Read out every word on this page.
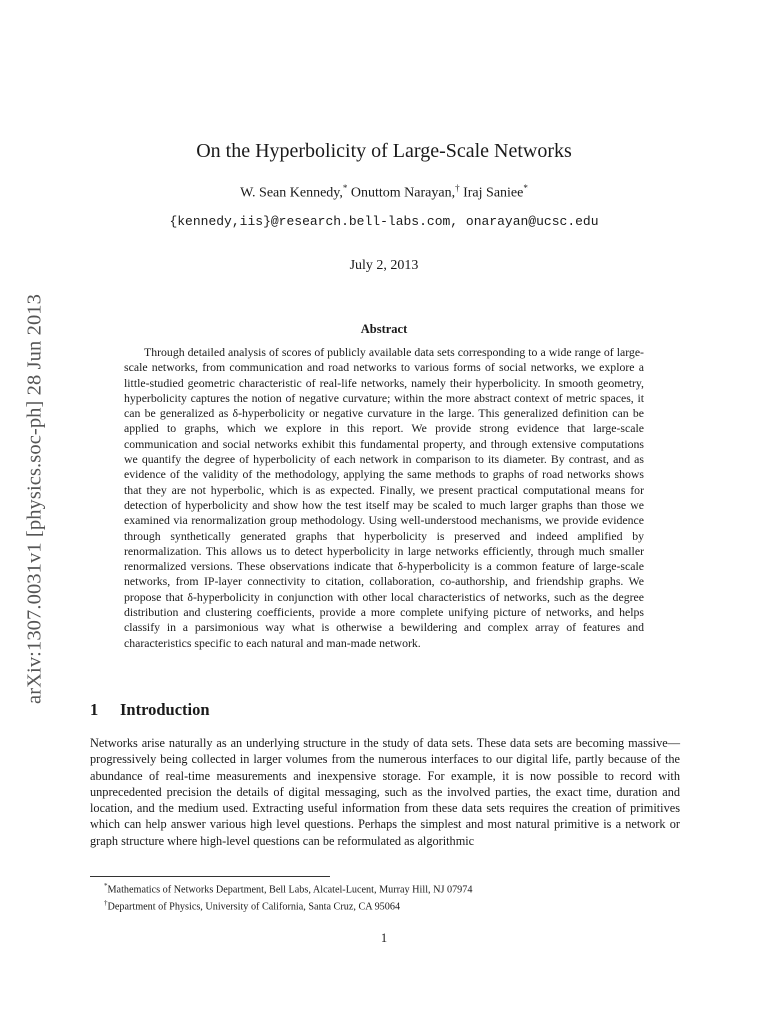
arXiv:1307.0031v1 [physics.soc-ph] 28 Jun 2013
On the Hyperbolicity of Large-Scale Networks
W. Sean Kennedy,* Onuttom Narayan,† Iraj Saniee*
{kennedy,iis}@research.bell-labs.com, onarayan@ucsc.edu
July 2, 2013
Abstract

Through detailed analysis of scores of publicly available data sets corresponding to a wide range of large-scale networks, from communication and road networks to various forms of social networks, we explore a little-studied geometric characteristic of real-life networks, namely their hyperbolicity. In smooth geometry, hyperbolicity captures the notion of negative curvature; within the more abstract context of metric spaces, it can be generalized as δ-hyperbolicity or negative curvature in the large. This generalized definition can be applied to graphs, which we explore in this report. We provide strong evidence that large-scale communication and social networks exhibit this fundamental property, and through extensive computations we quantify the degree of hyperbolicity of each network in comparison to its diameter. By contrast, and as evidence of the validity of the methodology, applying the same methods to graphs of road networks shows that they are not hyperbolic, which is as expected. Finally, we present practical computational means for detection of hyperbolicity and show how the test itself may be scaled to much larger graphs than those we examined via renormalization group methodology. Using well-understood mechanisms, we provide evidence through synthetically generated graphs that hyperbolicity is preserved and indeed amplified by renormalization. This allows us to detect hyperbolicity in large networks efficiently, through much smaller renormalized versions. These observations indicate that δ-hyperbolicity is a common feature of large-scale networks, from IP-layer connectivity to citation, collaboration, co-authorship, and friendship graphs. We propose that δ-hyperbolicity in conjunction with other local characteristics of networks, such as the degree distribution and clustering coefficients, provide a more complete unifying picture of networks, and helps classify in a parsimonious way what is otherwise a bewildering and complex array of features and characteristics specific to each natural and man-made network.

1 Introduction

Networks arise naturally as an underlying structure in the study of data sets. These data sets are becoming massive—progressively being collected in larger volumes from the numerous interfaces to our digital life, partly because of the abundance of real-time measurements and inexpensive storage. For example, it is now possible to record with unprecedented precision the details of digital messaging, such as the involved parties, the exact time, duration and location, and the medium used. Extracting useful information from these data sets requires the creation of primitives which can help answer various high level questions. Perhaps the simplest and most natural primitive is a network or graph structure where high-level questions can be reformulated as algorithmic

*Mathematics of Networks Department, Bell Labs, Alcatel-Lucent, Murray Hill, NJ 07974

†Department of Physics, University of California, Santa Cruz, CA 95064

1
